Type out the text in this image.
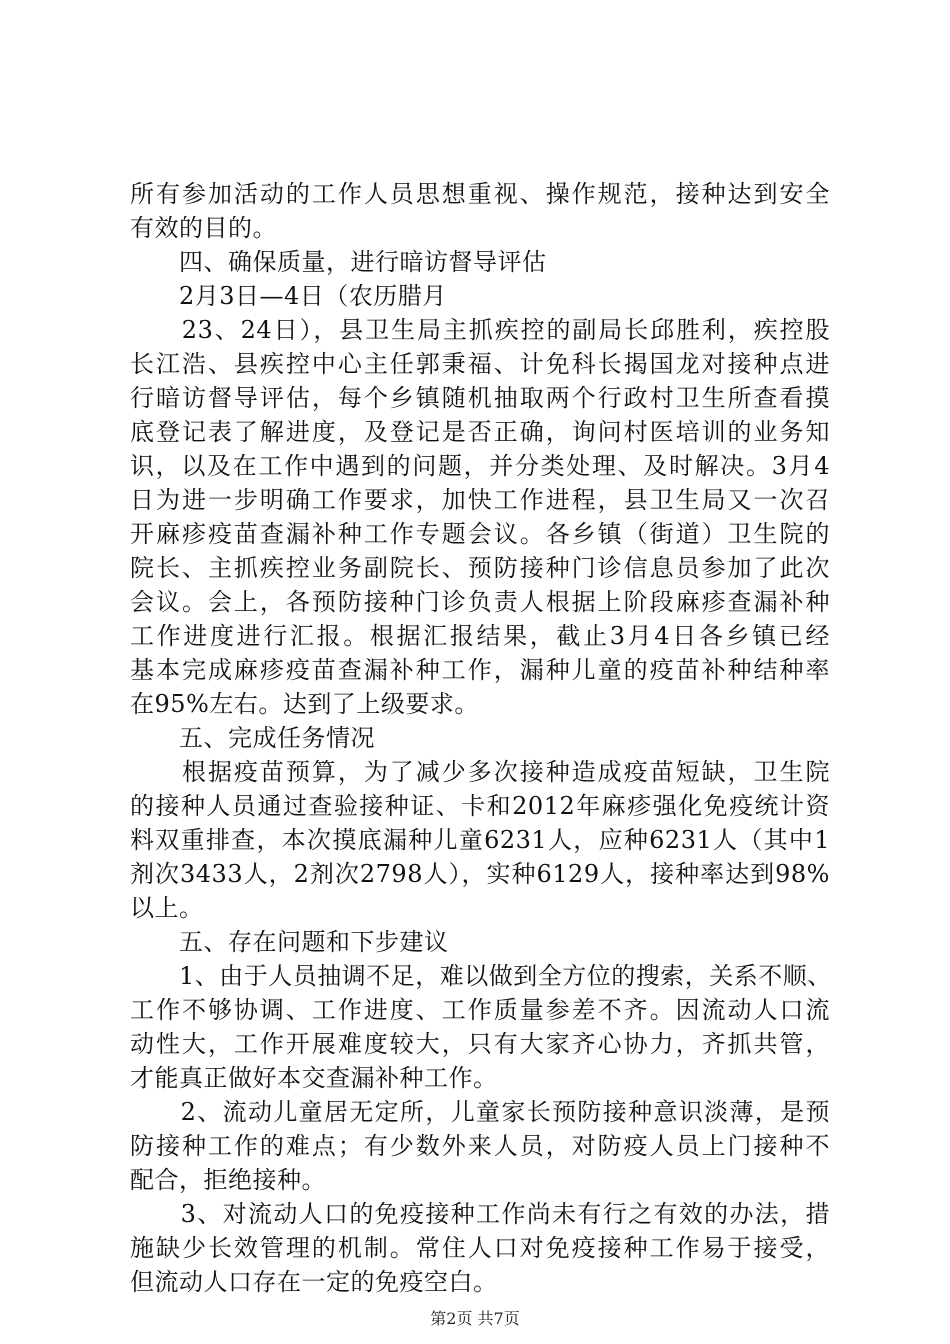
所有参加活动的工作人员思想重视、操作规范，接种达到安全
有效的目的。
　　四、确保质量，进行暗访督导评估
　　2月3日—4日（农历腊月
　　23、24日），县卫生局主抓疾控的副局长邱胜利，疾控股
长江浩、县疾控中心主任郭秉福、计免科长揭国龙对接种点进
行暗访督导评估，每个乡镇随机抽取两个行政村卫生所查看摸
底登记表了解进度，及登记是否正确，询问村医培训的业务知
识，以及在工作中遇到的问题，并分类处理、及时解决。3月4
日为进一步明确工作要求，加快工作进程，县卫生局又一次召
开麻疹疫苗查漏补种工作专题会议。各乡镇（街道）卫生院的
院长、主抓疾控业务副院长、预防接种门诊信息员参加了此次
会议。会上，各预防接种门诊负责人根据上阶段麻疹查漏补种
工作进度进行汇报。根据汇报结果，截止3月4日各乡镇已经
基本完成麻疹疫苗查漏补种工作，漏种儿童的疫苗补种结种率
在95%左右。达到了上级要求。
　　五、完成任务情况
　　根据疫苗预算，为了减少多次接种造成疫苗短缺，卫生院
的接种人员通过查验接种证、卡和2012年麻疹强化免疫统计资
料双重排查，本次摸底漏种儿童6231人，应种6231人（其中1
剂次3433人，2剂次2798人），实种6129人，接种率达到98%
以上。
　　五、存在问题和下步建议
　　1、由于人员抽调不足，难以做到全方位的搜索，关系不顺、
工作不够协调、工作进度、工作质量参差不齐。因流动人口流
动性大，工作开展难度较大，只有大家齐心协力，齐抓共管，
才能真正做好本交查漏补种工作。
　　2、流动儿童居无定所，儿童家长预防接种意识淡薄，是预
防接种工作的难点；有少数外来人员，对防疫人员上门接种不
配合，拒绝接种。
　　3、对流动人口的免疫接种工作尚未有行之有效的办法，措
施缺少长效管理的机制。常住人口对免疫接种工作易于接受，
但流动人口存在一定的免疫空白。
第2页 共7页
